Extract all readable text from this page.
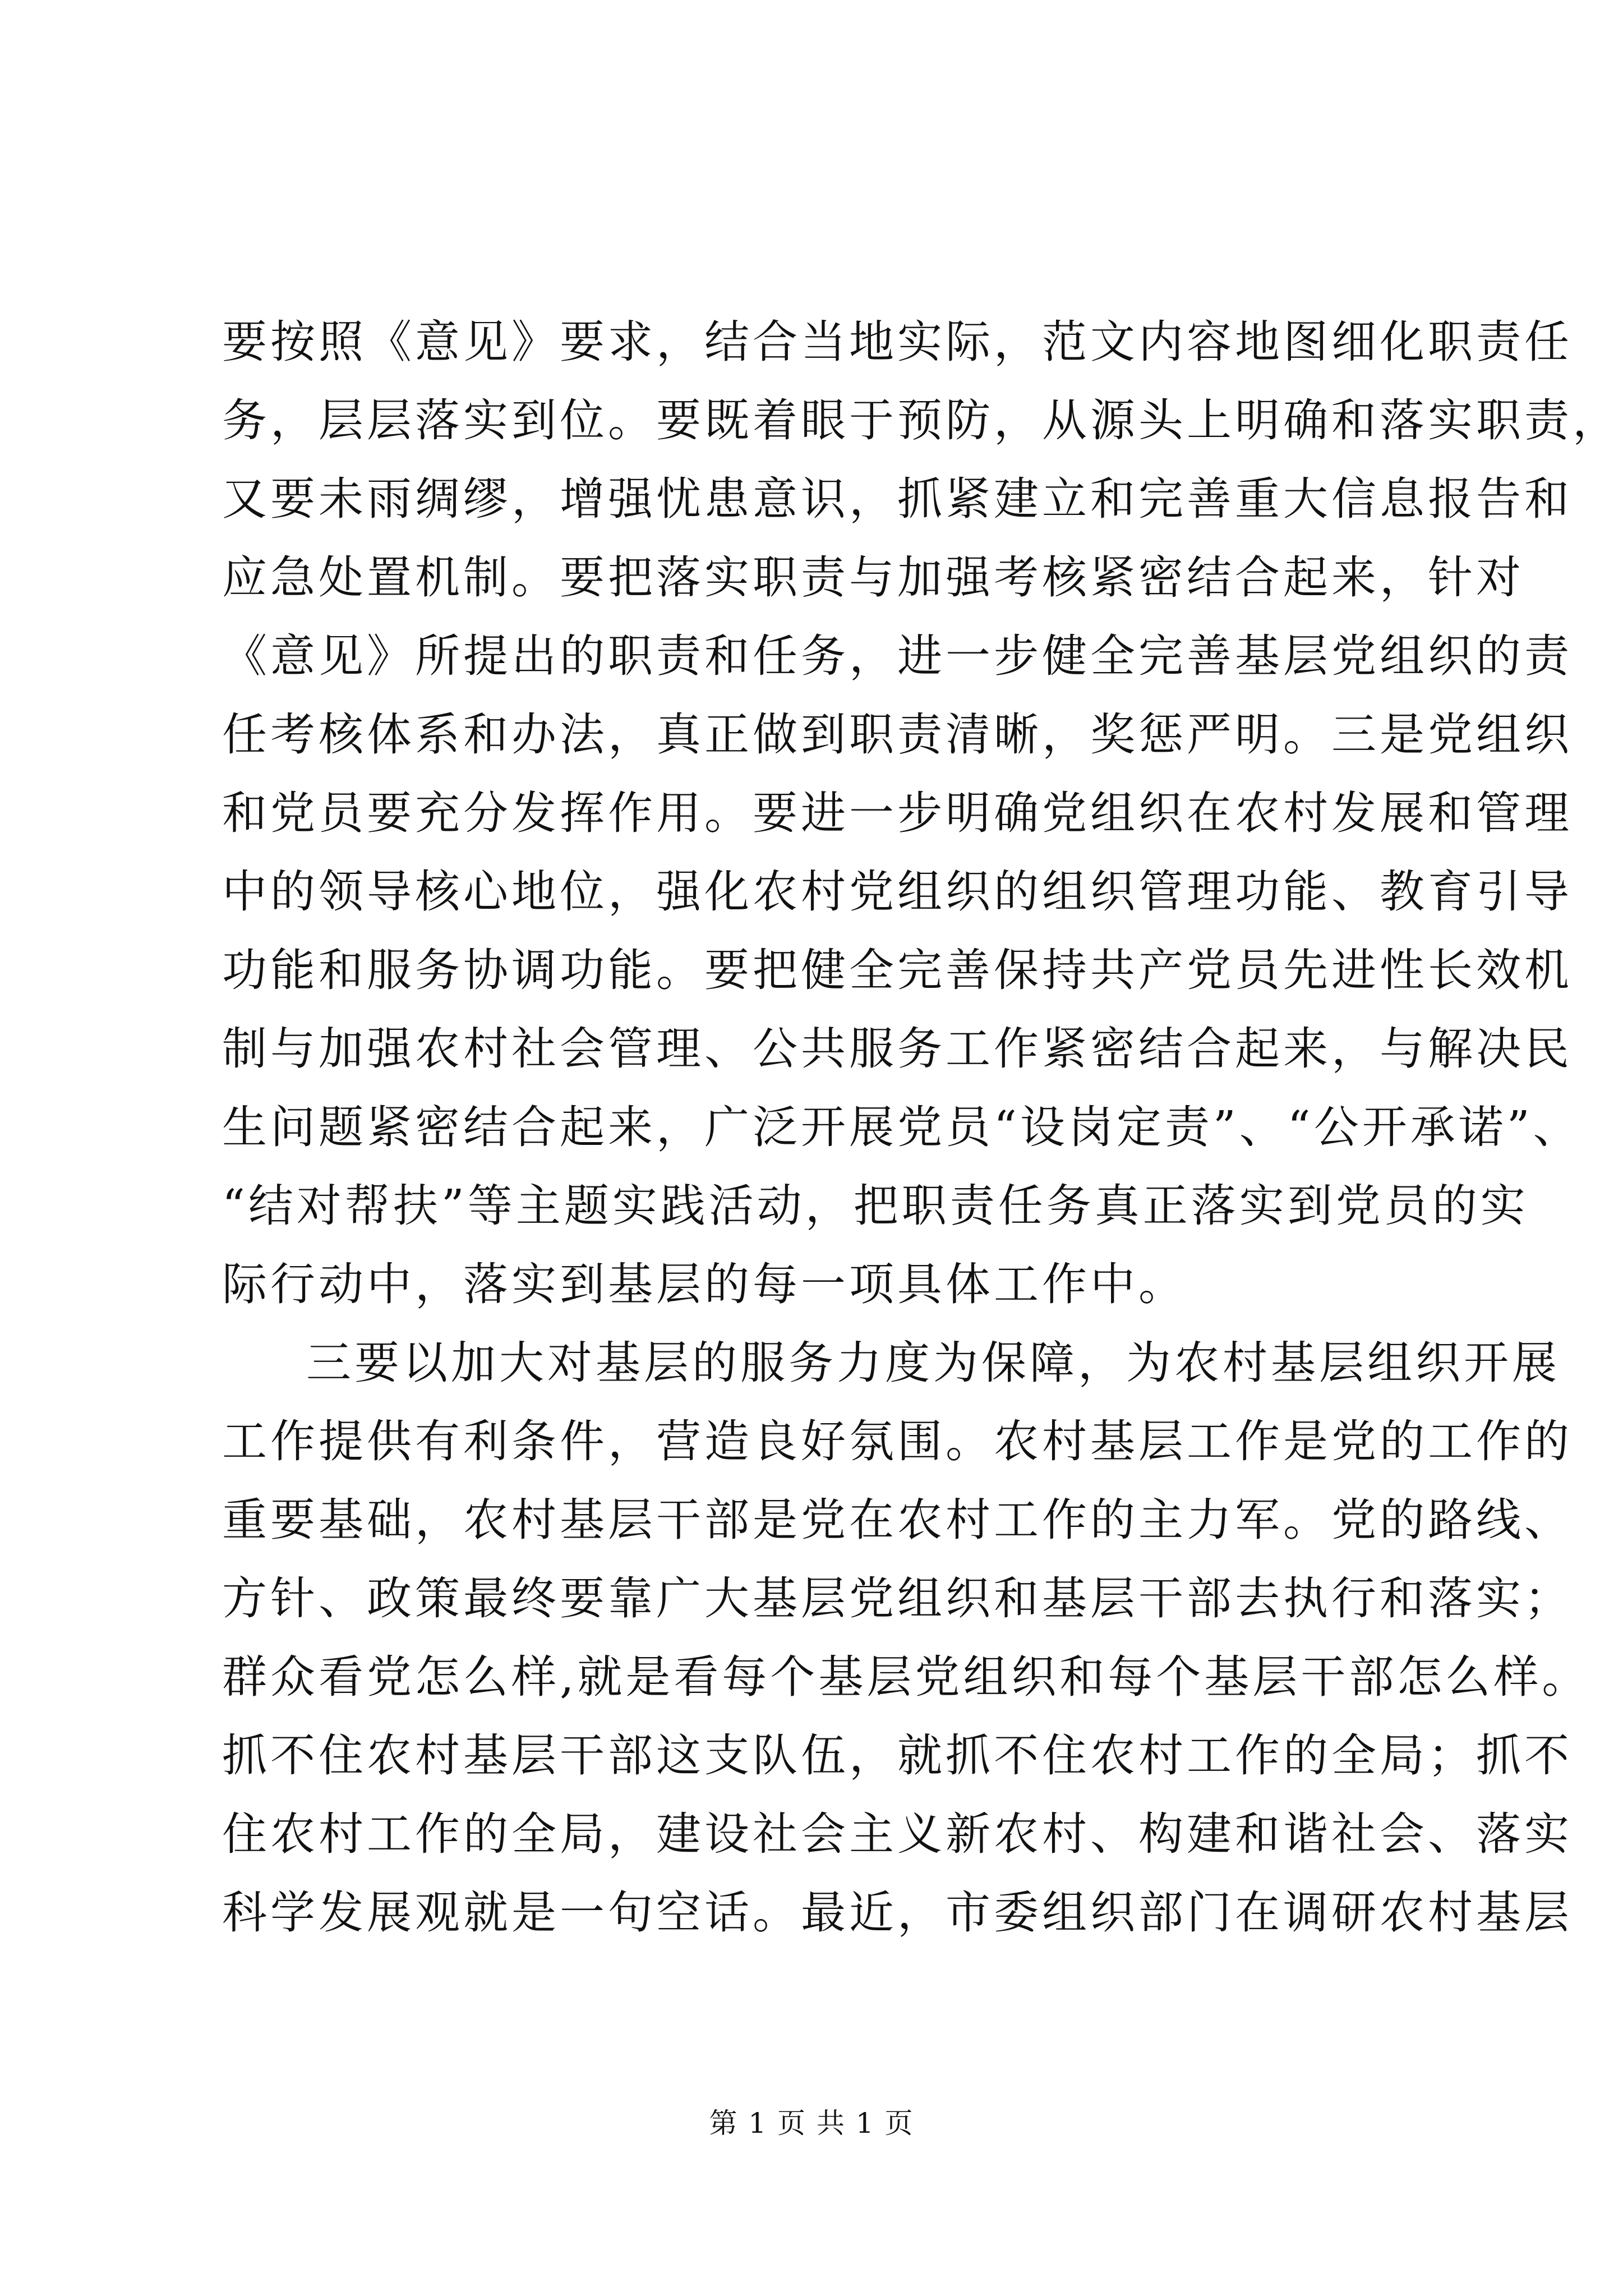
要按照《意见》要求，结合当地实际，范文内容地图细化职责任
务，层层落实到位。要既着眼于预防，从源头上明确和落实职责，
又要未雨绸缪，增强忧患意识，抓紧建立和完善重大信息报告和
应急处置机制。要把落实职责与加强考核紧密结合起来，针对
《意见》所提出的职责和任务，进一步健全完善基层党组织的责
任考核体系和办法，真正做到职责清晰，奖惩严明。三是党组织
和党员要充分发挥作用。要进一步明确党组织在农村发展和管理
中的领导核心地位，强化农村党组织的组织管理功能、教育引导
功能和服务协调功能。要把健全完善保持共产党员先进性长效机
制与加强农村社会管理、公共服务工作紧密结合起来，与解决民
生问题紧密结合起来，广泛开展党员“设岗定责”、“公开承诺”、
“结对帮扶”等主题实践活动，把职责任务真正落实到党员的实
际行动中，落实到基层的每一项具体工作中。
三要以加大对基层的服务力度为保障，为农村基层组织开展
工作提供有利条件，营造良好氛围。农村基层工作是党的工作的
重要基础，农村基层干部是党在农村工作的主力军。党的路线、
方针、政策最终要靠广大基层党组织和基层干部去执行和落实；
群众看党怎么样,就是看每个基层党组织和每个基层干部怎么样。
抓不住农村基层干部这支队伍，就抓不住农村工作的全局；抓不
住农村工作的全局，建设社会主义新农村、构建和谐社会、落实
科学发展观就是一句空话。最近，市委组织部门在调研农村基层
第 1 页 共 1 页
